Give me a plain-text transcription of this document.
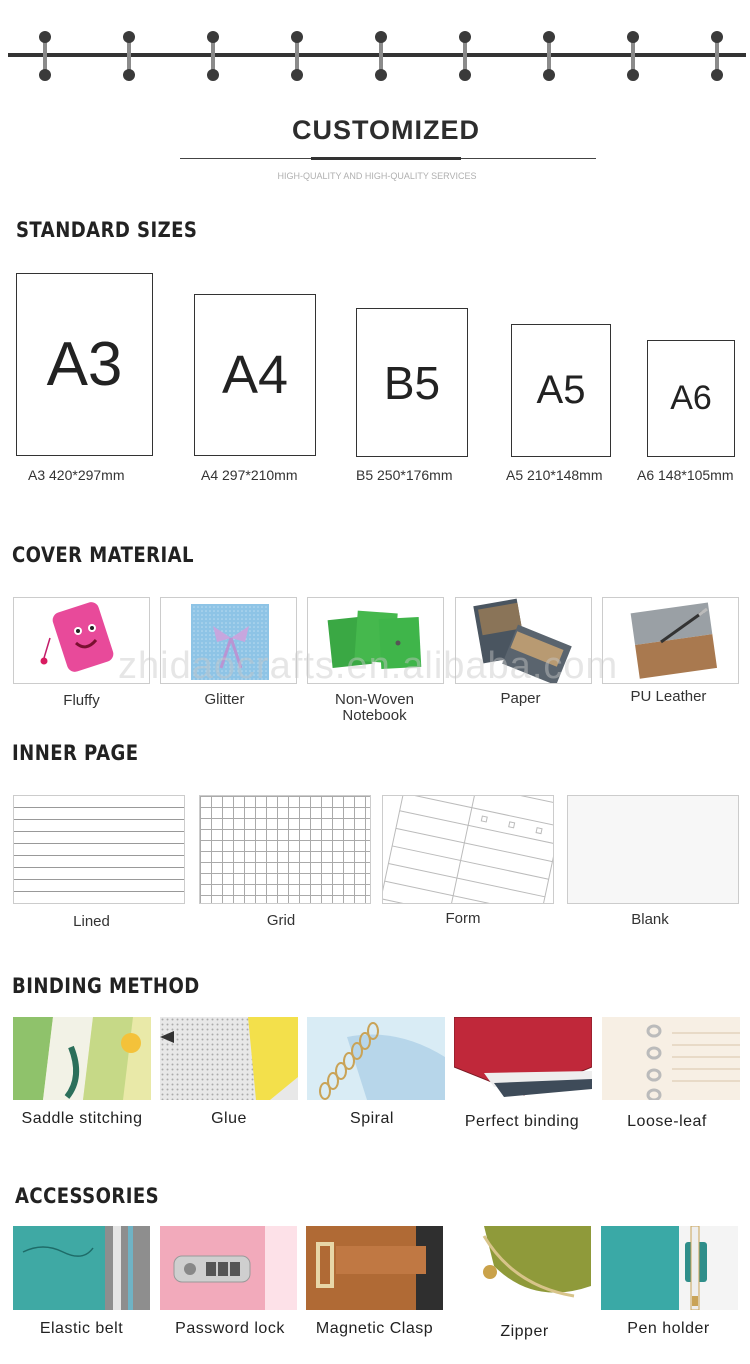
CUSTOMIZED
HIGH-QUALITY AND HIGH-QUALITY SERVICES
STANDARD SIZES
A3 A4 B5 A5 A6
A3 420*297mm	A4 297*210mm	B5 250*176mm	A5 210*148mm A6 148*105mm
COVER MATERIAL
zhidaocrafts.en.alibaba.com
Fluffy	Glitter	Non-Woven
Notebook
Paper	PU Leather
INNER PAGE
Lined	Grid	Form	Blank
BINDING METHOD
Saddle stitching	Glue	Spiral	Perfect binding	Loose-leaf
ACCESSORIES
Elastic belt	Password lock	Magnetic Clasp	Zipper	Pen holder
